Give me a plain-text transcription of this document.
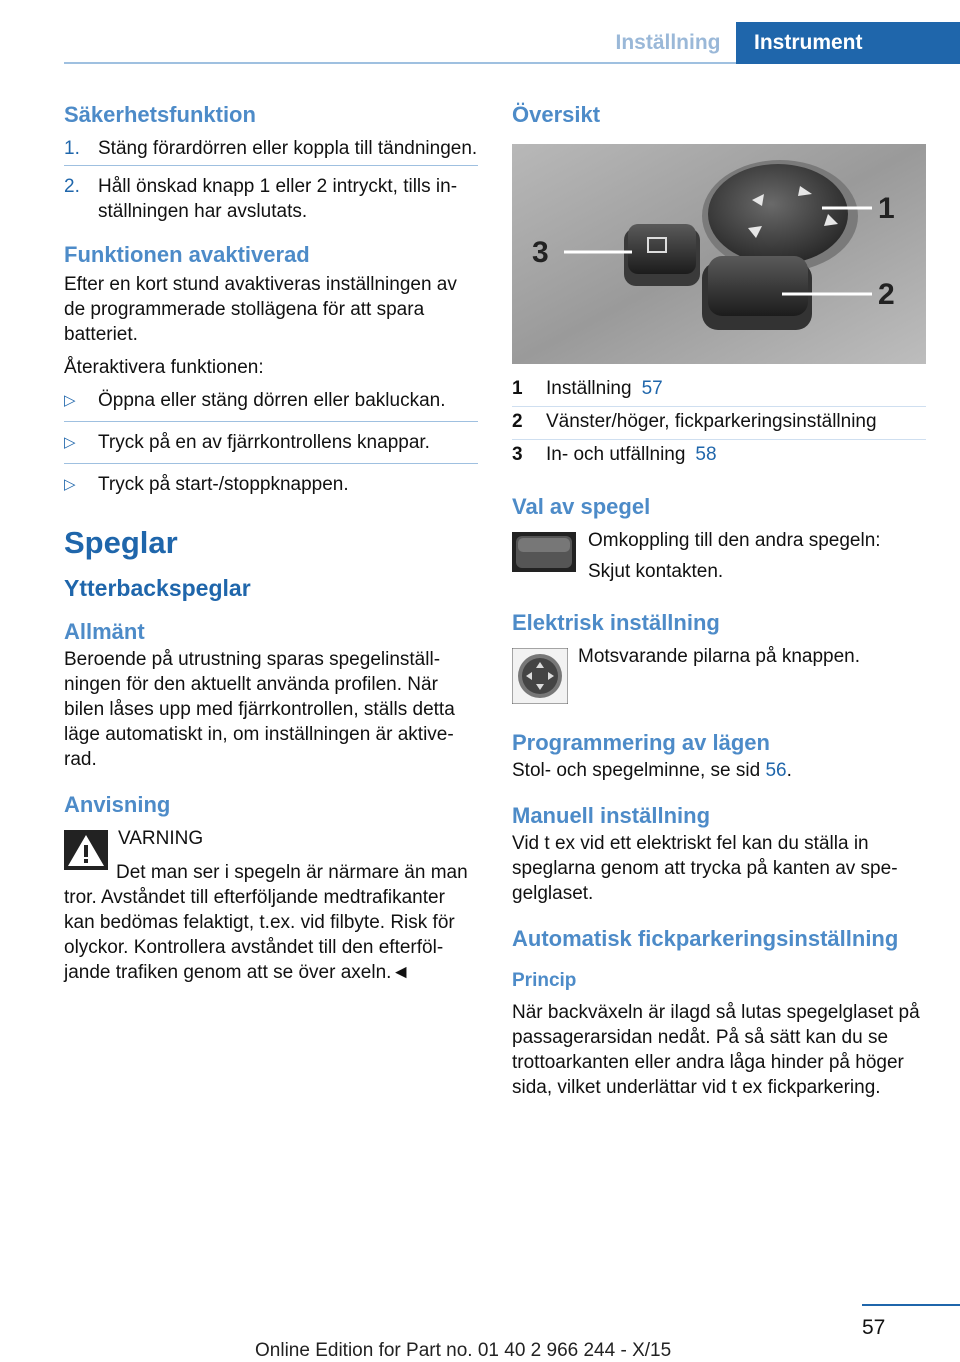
Inställning	Instrument
Säkerhetsfunktion
1. Stäng förardörren eller koppla till tändningen.
2. Håll önskad knapp 1 eller 2 intryckt, tills inställningen har avslutats.
Funktionen avaktiverad

Efter en kort stund avaktiveras inställningen av de programmerade stollägena för att spara batteriet.

Återaktivera funktionen:

▷	Öppna eller stäng dörren eller bakluckan.
▷	Tryck på en av fjärrkontrollens knappar.
▷	Tryck på start-/stoppknappen.
Speglar
Ytterbackspeglar
Allmänt

Beroende på utrustning sparas spegelinställningen för den aktuellt använda profilen. När bilen låses upp med fjärrkontrollen, ställs detta läge automatiskt in, om inställningen är aktiverad.

Anvisning

VARNING

Det man ser i spegeln är närmare än man tror. Avståndet till efterföljande medtrafikanter kan bedömas felaktigt, t.ex. vid filbyte. Risk för olyckor. Kontrollera avståndet till den efterföljande trafiken genom att se över axeln.◄

Översikt
3
1
2
1	Inställning 57
2	Vänster/höger, fickparkeringsinställning
3	In- och utfällning 58
Val av spegel

Omkoppling till den andra spegeln:

Skjut kontakten.

Elektrisk inställning

Motsvarande pilarna på knappen.

Programmering av lägen

Stol- och spegelminne, se sid 56.

Manuell inställning

Vid t ex vid ett elektriskt fel kan du ställa in speglarna genom att trycka på kanten av spegelglaset.

Automatisk fickparkeringsinställning
Princip

När backväxeln är ilagd så lutas spegelglaset på passagerarsidan nedåt. På så sätt kan du se trottoarkanten eller andra låga hinder på höger sida, vilket underlättar vid t ex fickparkering.

57
Online Edition for Part no. 01 40 2 966 244 - X/15
